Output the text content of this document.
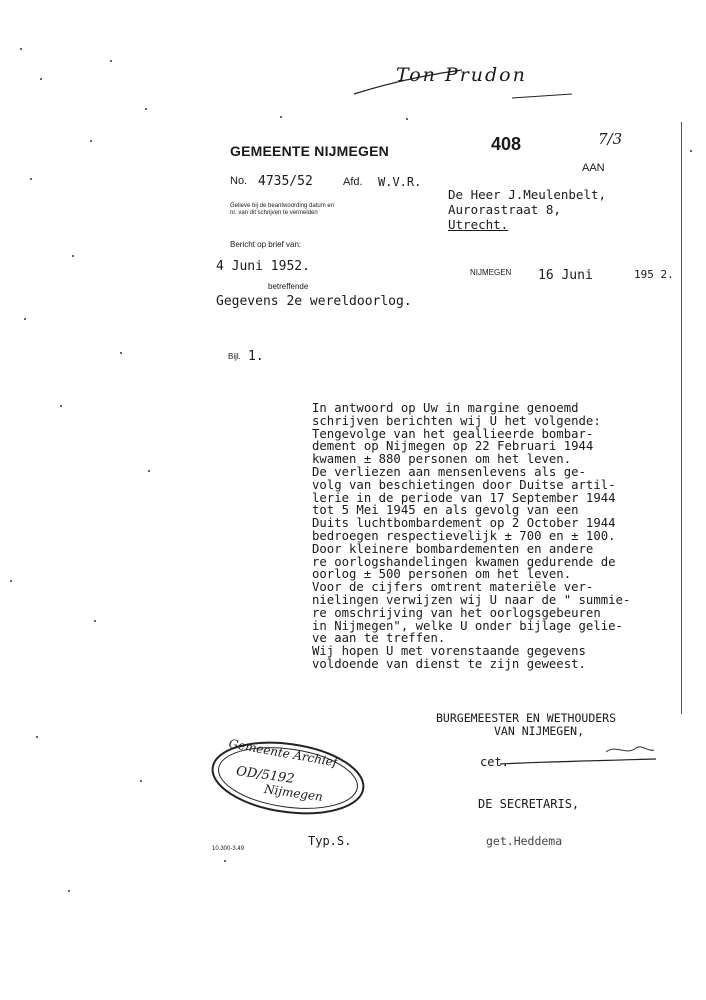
Ton Prudon
GEMEENTE NIJMEGEN	408	7/3
AAN
No. 4735/52	Afd. W.V.R.
Gelieve bij de beantwoording datum en
nr. van dit schrijven te vermelden
De Heer J.Meulenbelt,
Aurorastraat 8,
Utrecht.
Bericht op brief van:
4 Juni 1952.	NIJMEGEN 16 Juni	195 2.
betreffende
Gegevens 2e wereldoorlog.
Bijl. 1.
In antwoord op Uw in margine genoemd
schrijven berichten wij U het volgende:
Tengevolge van het geallieerde bombar-
dement op Nijmegen op 22 Februari 1944
kwamen ± 880 personen om het leven.
De verliezen aan mensenlevens als ge-
volg van beschietingen door Duitse artil-
lerie in de periode van 17 September 1944
tot 5 Mei 1945 en als gevolg van een
Duits luchtbombardement op 2 October 1944
bedroegen respectievelijk ± 700 en ± 100.
Door kleinere bombardementen en andere
re oorlogshandelingen kwamen gedurende de
oorlog ± 500 personen om het leven.
Voor de cijfers omtrent materiële ver-
nielingen verwijzen wij U naar de " summie-
re omschrijving van het oorlogsgebeuren
in Nijmegen", welke U onder bijlage gelie-
ve aan te treffen.
Wij hopen U met vorenstaande gegevens
voldoende van dienst te zijn geweest.
BURGEMEESTER EN WETHOUDERS
VAN NIJMEGEN,
cet.
DE SECRETARIS,
get.Heddema
Gemeente Archief
OD/5192
Nijmegen
Typ.S.
10.300-3.49
